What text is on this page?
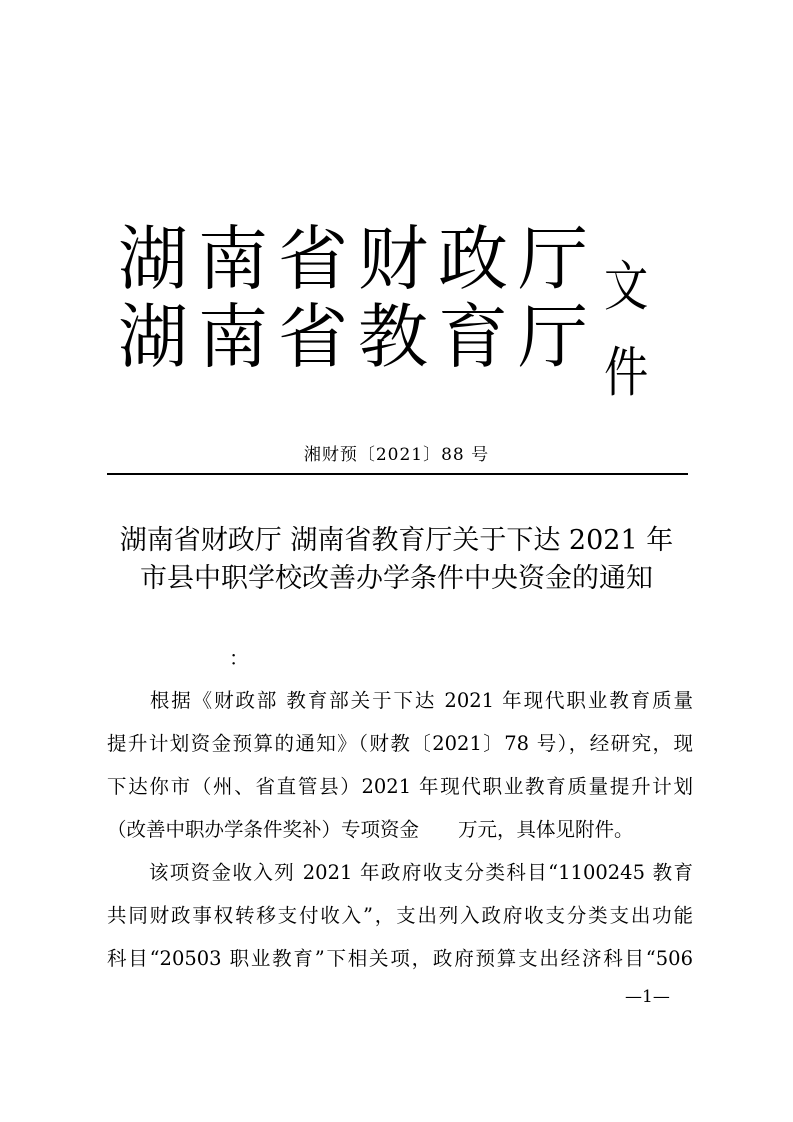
湖 南 省 财 政 厅
湖 南 省 教 育 厅
文件
湘财预〔2021〕88 号
湖南省财政厅 湖南省教育厅关于下达 2021 年
市县中职学校改善办学条件中央资金的通知
：
　　根据《财政部 教育部关于下达 2021 年现代职业教育质量
提升计划资金预算的通知》（财教〔2021〕78 号），经研究，现
下达你市（州、省直管县）2021 年现代职业教育质量提升计划
（改善中职办学条件奖补）专项资金　　万元，具体见附件。
　　该项资金收入列 2021 年政府收支分类科目“1100245 教育
共同财政事权转移支付收入”，支出列入政府收支分类支出功能
科目“20503 职业教育”下相关项，政府预算支出经济科目“506
—1—
